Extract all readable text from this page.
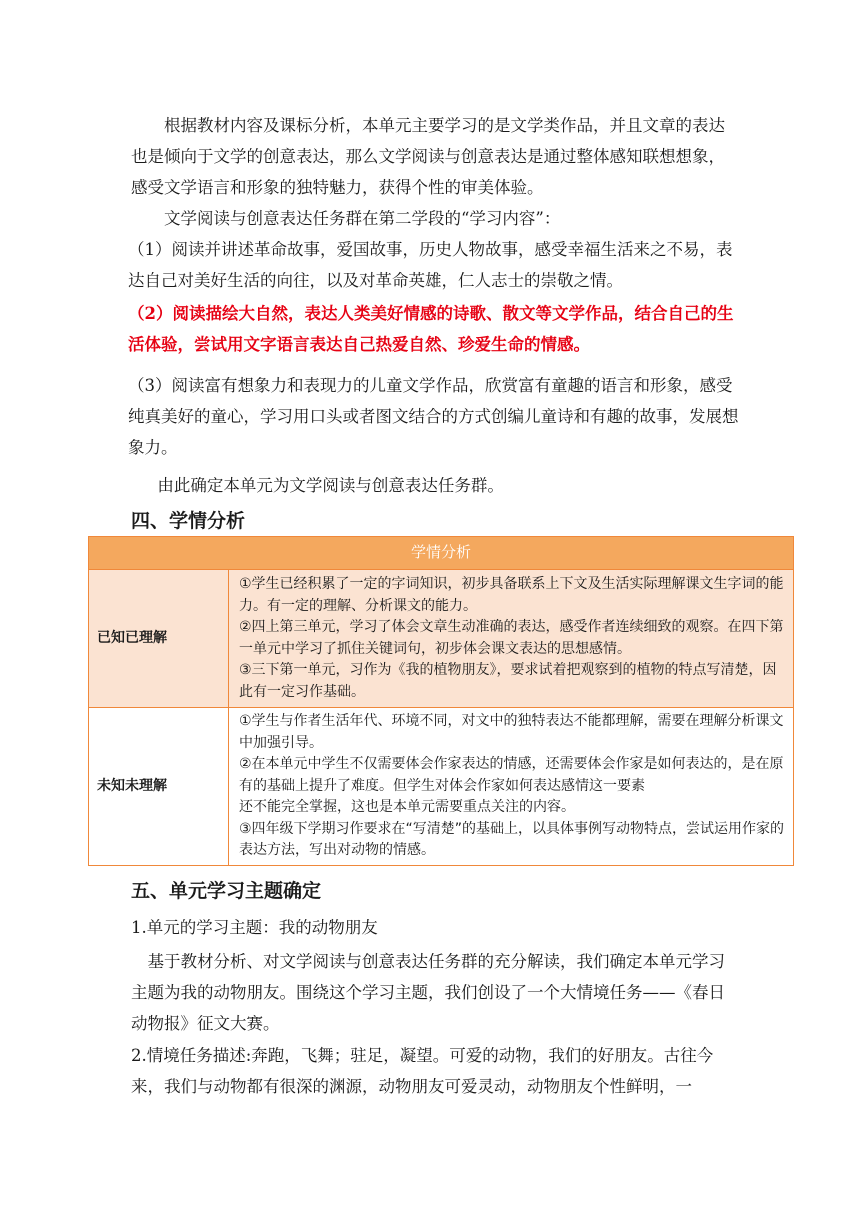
根据教材内容及课标分析，本单元主要学习的是文学类作品，并且文章的表达也是倾向于文学的创意表达，那么文学阅读与创意表达是通过整体感知联想想象，感受文学语言和形象的独特魅力，获得个性的审美体验。

文学阅读与创意表达任务群在第二学段的“学习内容”：

（1）阅读并讲述革命故事，爱国故事，历史人物故事，感受幸福生活来之不易，表达自己对美好生活的向往，以及对革命英雄，仁人志士的崇敬之情。

（2）阅读描绘大自然，表达人类美好情感的诗歌、散文等文学作品，结合自己的生活体验，尝试用文字语言表达自己热爱自然、珍爱生命的情感。

（3）阅读富有想象力和表现力的儿童文学作品，欣赏富有童趣的语言和形象，感受纯真美好的童心，学习用口头或者图文结合的方式创编儿童诗和有趣的故事，发展想象力。

由此确定本单元为文学阅读与创意表达任务群。

四、学情分析
学情分析	
已知已理解	①学生已经积累了一定的字词知识，初步具备联系上下文及生活实际理解课文生字词的能力。有一定的理解、分析课文的能力。
②四上第三单元，学习了体会文章生动准确的表达，感受作者连续细致的观察。在四下第一单元中学习了抓住关键词句，初步体会课文表达的思想感情。
③三下第一单元，习作为《我的植物朋友》，要求试着把观察到的植物的特点写清楚，因此有一定习作基础。

未知未理解	①学生与作者生活年代、环境不同，对文中的独特表达不能都理解，需要在理解分析课文中加强引导。
②在本单元中学生不仅需要体会作家表达的情感，还需要体会作家是如何表达的，是在原有的基础上提升了难度。但学生对体会作家如何表达感情这一要素
还不能完全掌握，这也是本单元需要重点关注的内容。
③四年级下学期习作要求在“写清楚”的基础上，以具体事例写动物特点，尝试运用作家的表达方法，写出对动物的情感。
五、单元学习主题确定

1.单元的学习主题：我的动物朋友

基于教材分析、对文学阅读与创意表达任务群的充分解读，我们确定本单元学习主题为我的动物朋友。围绕这个学习主题，我们创设了一个大情境任务——《春日动物报》征文大赛。

2.情境任务描述:奔跑，飞舞；驻足，凝望。可爱的动物，我们的好朋友。古往今来，我们与动物都有很深的渊源，动物朋友可爱灵动，动物朋友个性鲜明，一
